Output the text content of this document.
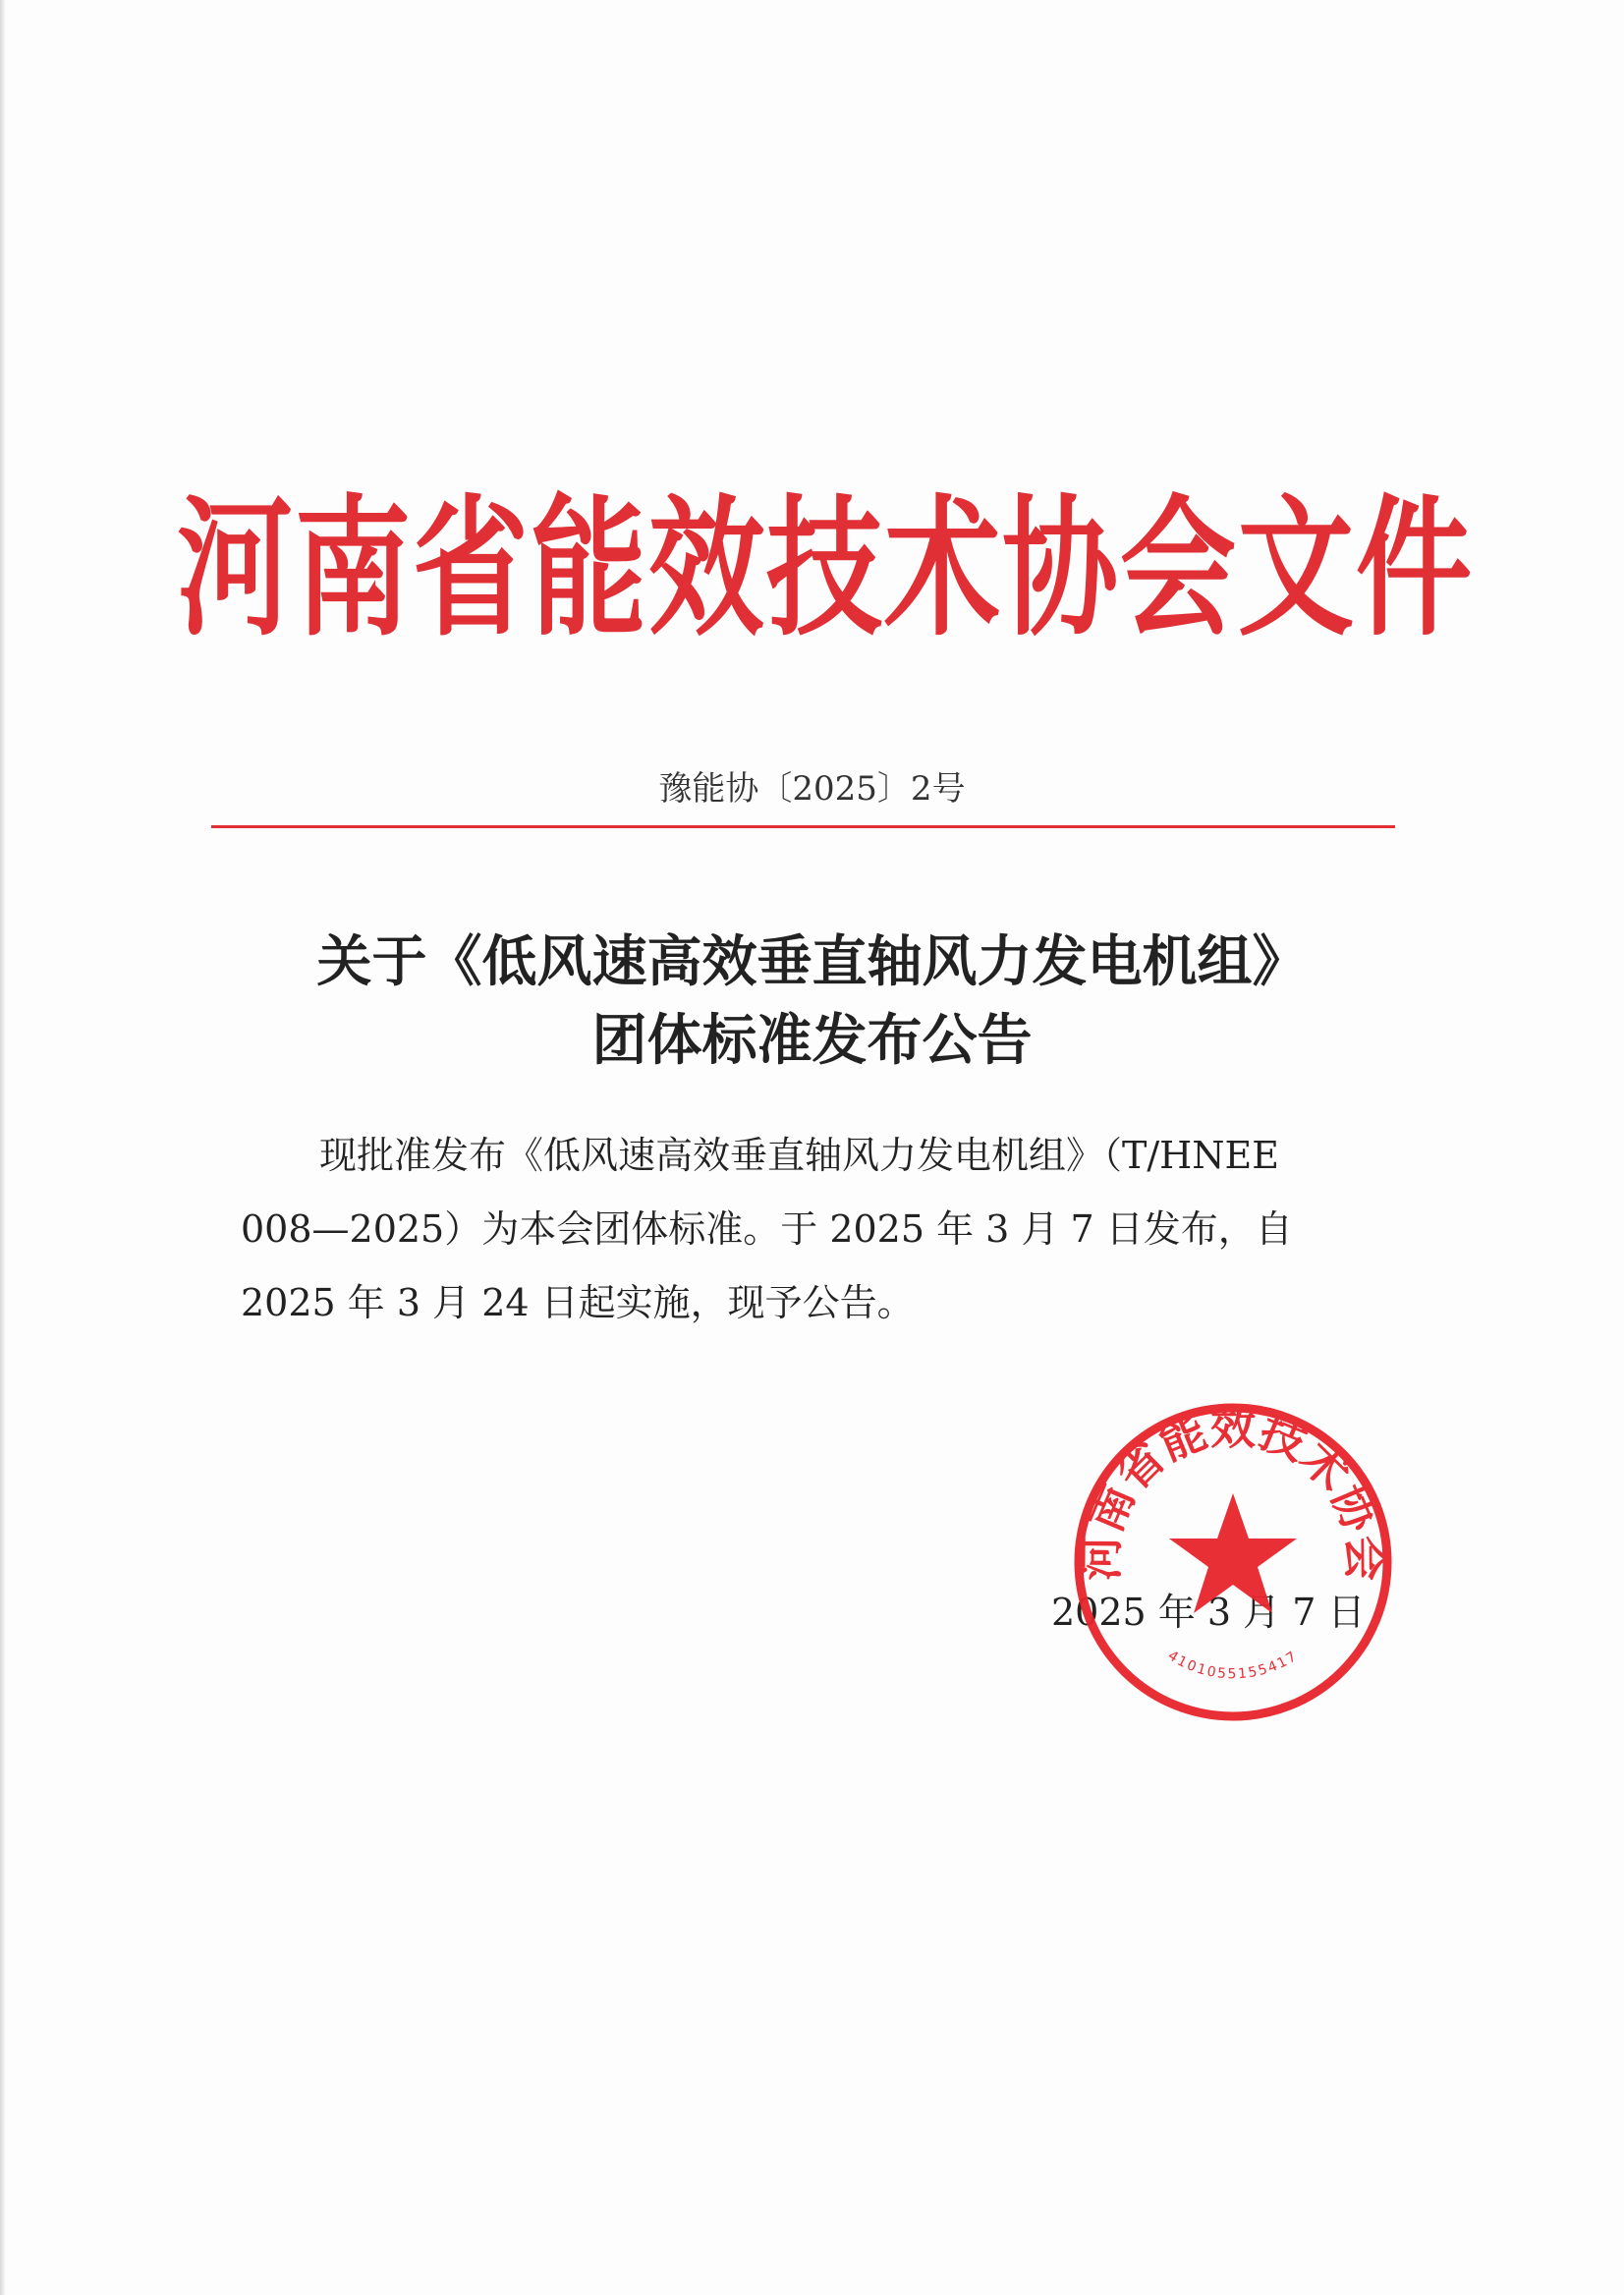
河南省能效技术协会文件
豫能协〔2025〕2号
关于《低风速高效垂直轴风力发电机组》
团体标准发布公告
现批准发布《低风速高效垂直轴风力发电机组》（T/HNEE
008—2025）为本会团体标准。于 2025 年 3 月 7 日发布，自
2025 年 3 月 24 日起实施，现予公告。
2025 年 3 月 7 日
河南省能效技术协会
4101055155417
